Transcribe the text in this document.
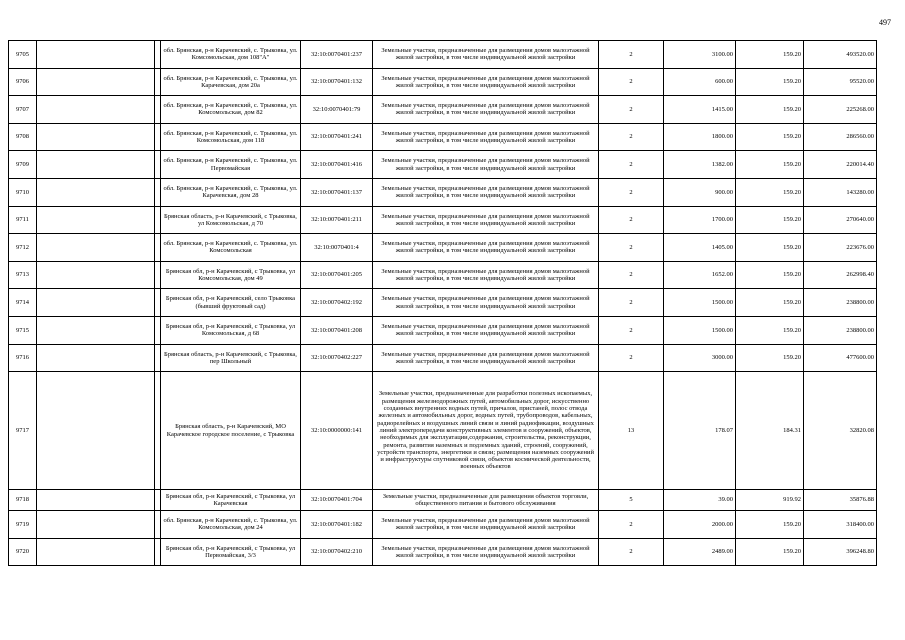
497
9705			обл. Брянская, р-н Карачевский, с. Трыковка, ул. Комсомольская, дом 108"А"	32:10:0070401:237	Земельные участки, предназначенные для размещения домов малоэтажной жилой застройки, в том числе индивидуальной жилой застройки	2	3100.00	159.20	493520.00
9706			обл. Брянская, р-н Карачевский, с. Трыковка, ул. Карачевская, дом 20а	32:10:0070401:132	Земельные участки, предназначенные для размещения домов малоэтажной жилой застройки, в том числе индивидуальной жилой застройки	2	600.00	159.20	95520.00
9707			обл. Брянская, р-н Карачевский, с. Трыковка, ул. Комсомольская, дом 82	32:10:0070401:79	Земельные участки, предназначенные для размещения домов малоэтажной жилой застройки, в том числе индивидуальной жилой застройки	2	1415.00	159.20	225268.00
9708			обл. Брянская, р-н Карачевский, с. Трыковка, ул. Комсомольская, дом 118	32:10:0070401:241	Земельные участки, предназначенные для размещения домов малоэтажной жилой застройки, в том числе индивидуальной жилой застройки	2	1800.00	159.20	286560.00
9709			обл. Брянская, р-н Карачевский, с. Трыковка, ул. Первомайская	32:10:0070401:416	Земельные участки, предназначенные для размещения домов малоэтажной жилой застройки, в том числе индивидуальной жилой застройки	2	1382.00	159.20	220014.40
9710			обл. Брянская, р-н Карачевский, с. Трыковка, ул. Карачевская, дом 28	32:10:0070401:137	Земельные участки, предназначенные для размещения домов малоэтажной жилой застройки, в том числе индивидуальной жилой застройки	2	900.00	159.20	143280.00
9711			Брянская область, р-н Карачевский, с Трыковка, ул Комсомольская, д 70	32:10:0070401:211	Земельные участки, предназначенные для размещения домов малоэтажной жилой застройки, в том числе индивидуальной жилой застройки	2	1700.00	159.20	270640.00
9712			обл. Брянская, р-н Карачевский, с. Трыковка, ул. Комсомольская	32:10:0070401:4	Земельные участки, предназначенные для размещения домов малоэтажной жилой застройки, в том числе индивидуальной жилой застройки	2	1405.00	159.20	223676.00
9713			Брянская обл, р-н Карачевский, с Трыковка, ул Комсомольская, дом 49	32:10:0070401:205	Земельные участки, предназначенные для размещения домов малоэтажной жилой застройки, в том числе индивидуальной жилой застройки	2	1652.00	159.20	262998.40
9714			Брянская обл, р-н Карачевский, село Трыковка (бывший фруктовый сад)	32:10:0070402:192	Земельные участки, предназначенные для размещения домов малоэтажной жилой застройки, в том числе индивидуальной жилой застройки	2	1500.00	159.20	238800.00
9715			Брянская обл, р-н Карачевский, с Трыковка, ул Комсомольская, д 68	32:10:0070401:208	Земельные участки, предназначенные для размещения домов малоэтажной жилой застройки, в том числе индивидуальной жилой застройки	2	1500.00	159.20	238800.00
9716			Брянская область, р-н Карачевский, с Трыковка, пер Школьный	32:10:0070402:227	Земельные участки, предназначенные для размещения домов малоэтажной жилой застройки, в том числе индивидуальной жилой застройки	2	3000.00	159.20	477600.00
9717			Брянская область, р-н Карачевский, МО Карачевское городское поселение, с Трыковка	32:10:0000000:141	Земельные участки, предназначенные для разработки полезных ископаемых, размещения железнодорожных путей, автомобильных дорог, искусственно созданных внутренних водных путей, причалов, пристаней, полос отвода железных и автомобильных дорог, водных путей, трубопроводов, кабельных, радиорелейных и воздушных линий связи и линий радиофикации, воздушных линий электропередачи конструктивных элементов и сооружений, объектов, необходимых для эксплуатации,содержания, строительства, реконструкции, ремонта, развития наземных и подземных зданий, строений, сооружений, устройств транспорта, энергетики и связи; размещения наземных сооружений и инфраструктуры спутниковой связи, объектов космической деятельности, военных объектов	13	178.07	184.31	32820.08
9718			Брянская обл, р-н Карачевский, с Трыковка, ул Карачевская	32:10:0070401:704	Земельные участки, предназначенные для размещения объектов торговли, общественного питания и бытового обслуживания	5	39.00	919.92	35876.88
9719			обл. Брянская, р-н Карачевский, с. Трыковка, ул. Комсомольская, дом 24	32:10:0070401:182	Земельные участки, предназначенные для размещения домов малоэтажной жилой застройки, в том числе индивидуальной жилой застройки	2	2000.00	159.20	318400.00
9720			Брянская обл, р-н Карачевский, с Трыковка, ул Первомайская, 3/3	32:10:0070402:210	Земельные участки, предназначенные для размещения домов малоэтажной жилой застройки, в том числе индивидуальной жилой застройки	2	2489.00	159.20	396248.80
